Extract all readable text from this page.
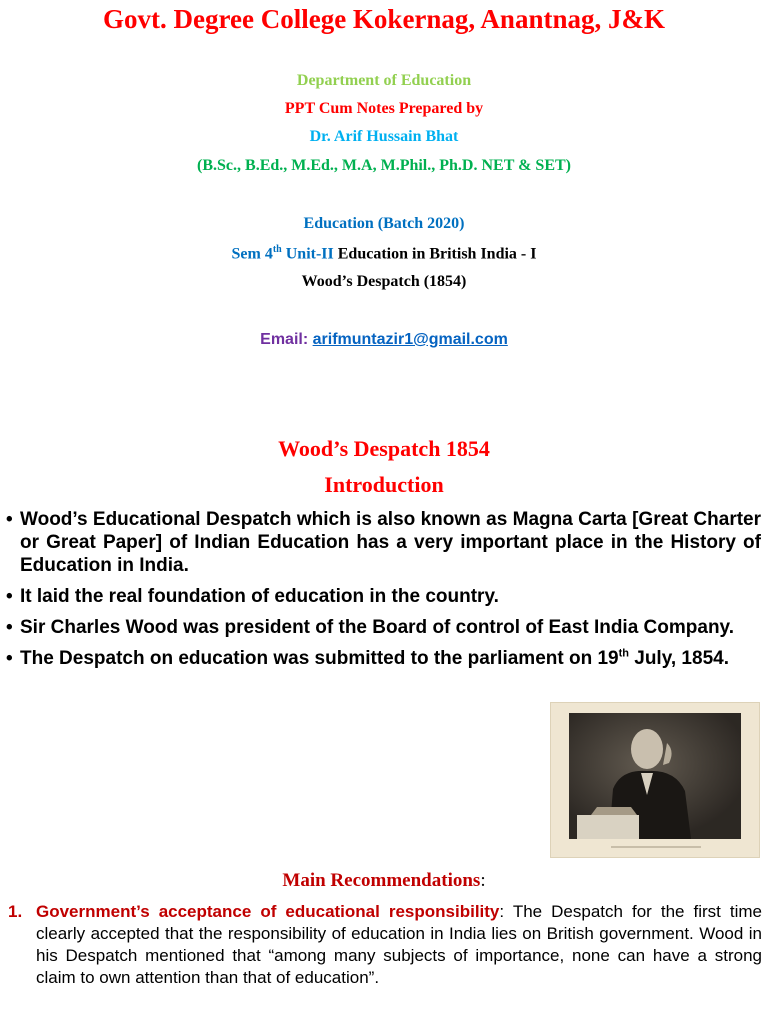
Govt. Degree College Kokernag, Anantnag, J&K
Department of Education
PPT Cum Notes Prepared by
Dr. Arif Hussain Bhat
(B.Sc., B.Ed., M.Ed., M.A, M.Phil., Ph.D. NET & SET)
Education (Batch 2020)
Sem 4th Unit-II Education in British India - I
Wood’s Despatch (1854)
Email: arifmuntazir1@gmail.com
Wood’s Despatch 1854
Introduction
• Wood’s Educational Despatch which is also known as Magna Carta [Great Charter or Great Paper] of Indian Education has a very important place in the History of Education in India.
• It laid the real foundation of education in the country.
• Sir Charles Wood was president of the Board of control of East India Company.
• The Despatch on education was submitted to the parliament on 19th July, 1854.
Main Recommendations:
1. Government’s acceptance of educational responsibility: The Despatch for the first time clearly accepted that the responsibility of education in India lies on British government. Wood in his Despatch mentioned that “among many subjects of importance, none can have a strong claim to own attention than that of education”.
